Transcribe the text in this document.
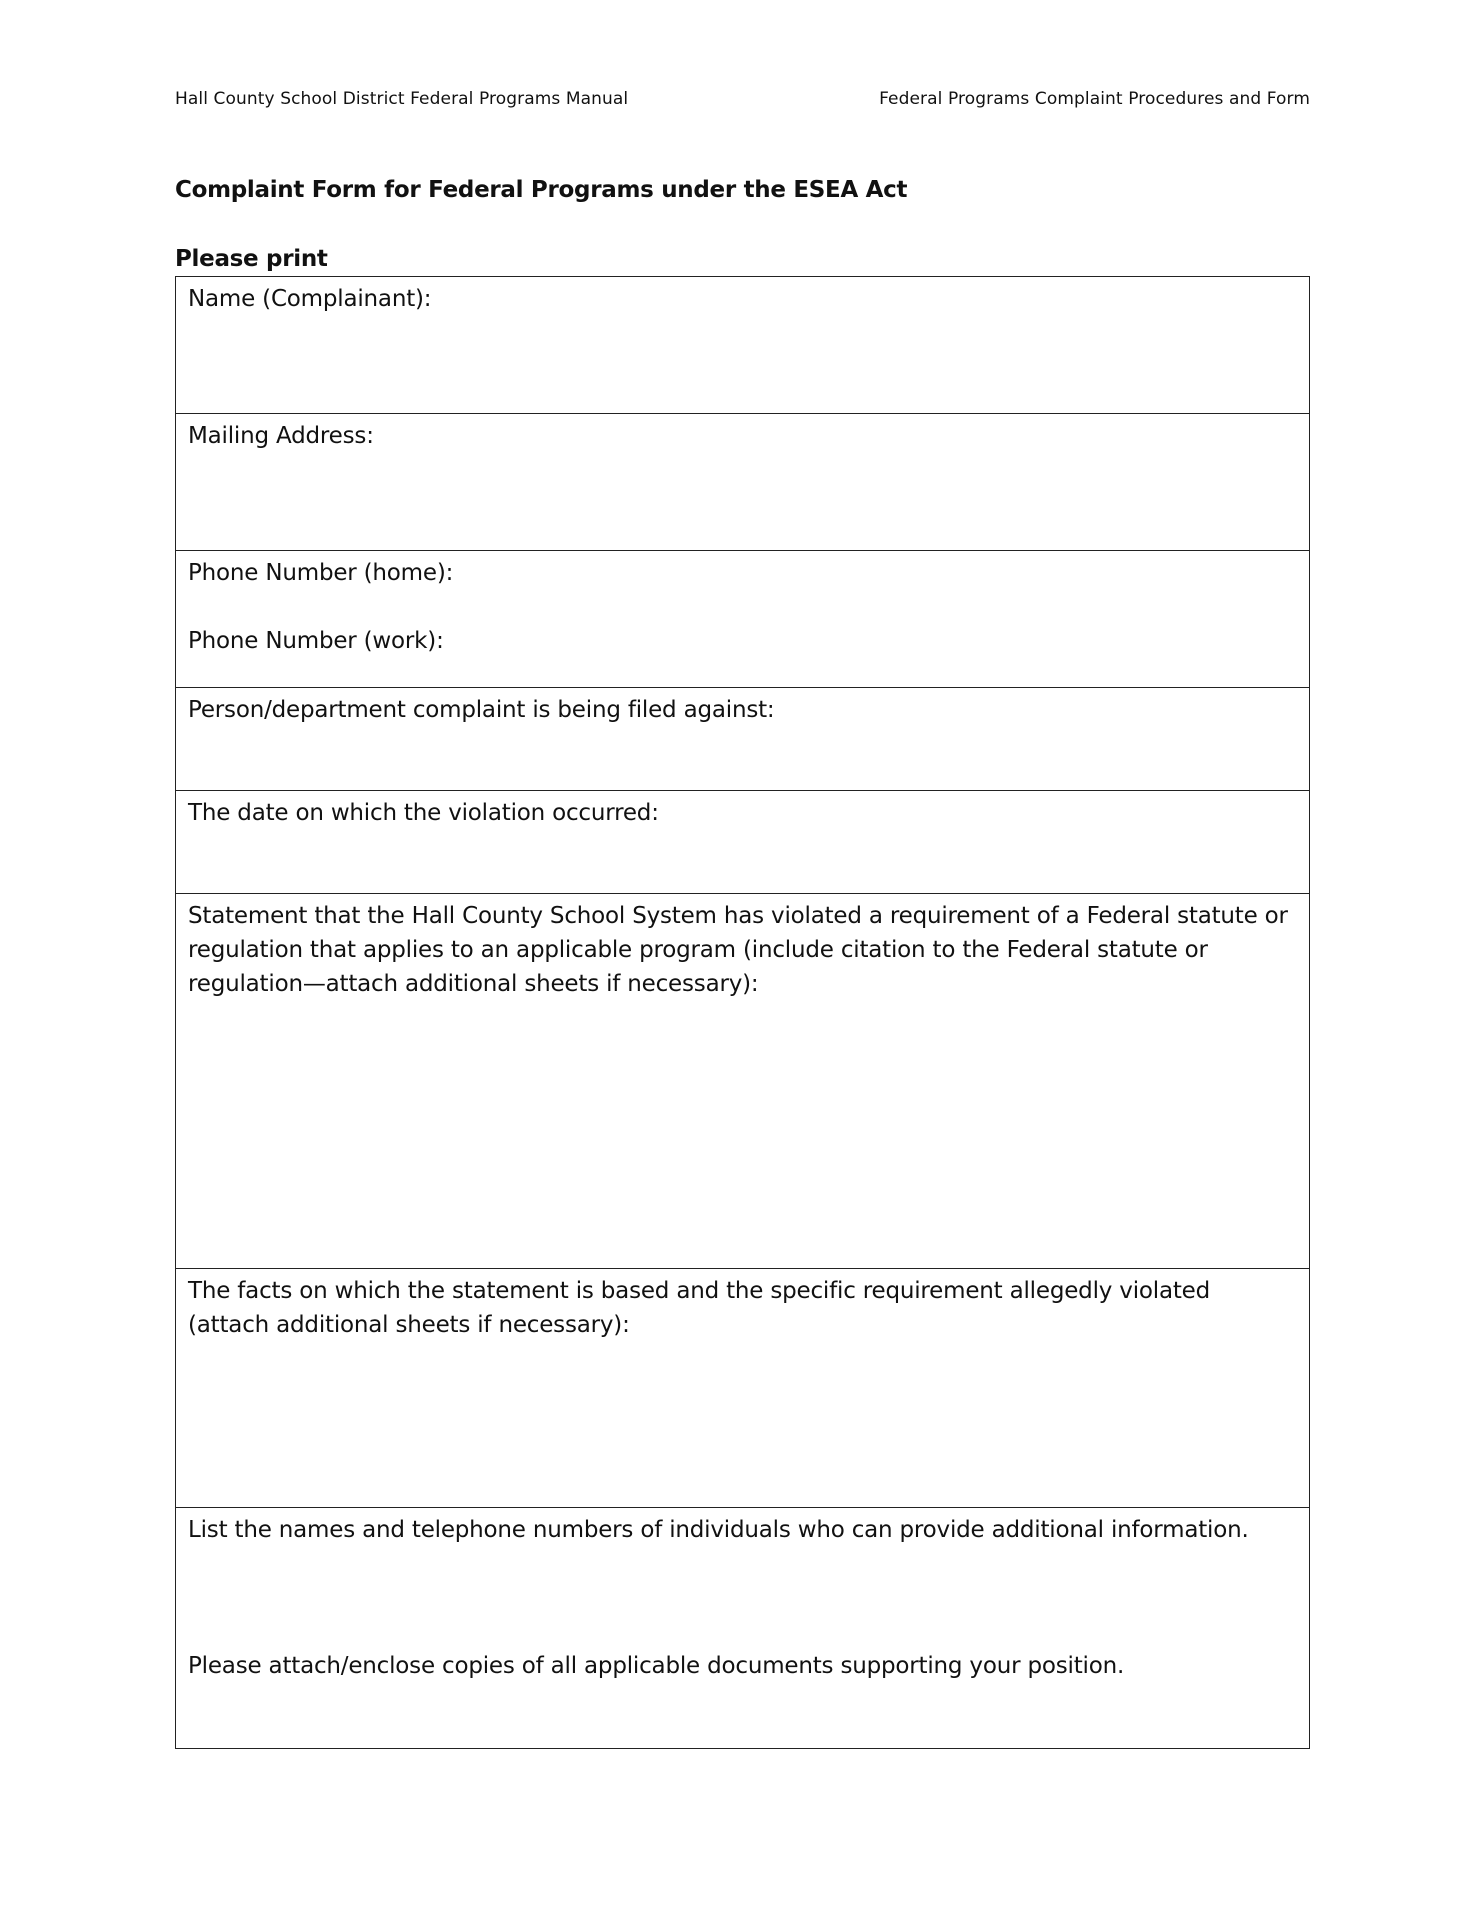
Hall County School District Federal Programs Manual	Federal Programs Complaint Procedures and Form
Complaint Form for Federal Programs under the ESEA Act
Please print
Name (Complainant):
Mailing Address:
Phone Number (home):
Phone Number (work):
Person/department complaint is being filed against:
The date on which the violation occurred:
Statement that the Hall County School System has violated a requirement of a Federal statute or regulation that applies to an applicable program (include citation to the Federal statute or regulation—attach additional sheets if necessary):
The facts on which the statement is based and the specific requirement allegedly violated (attach additional sheets if necessary):
List the names and telephone numbers of individuals who can provide additional information.
Please attach/enclose copies of all applicable documents supporting your position.
